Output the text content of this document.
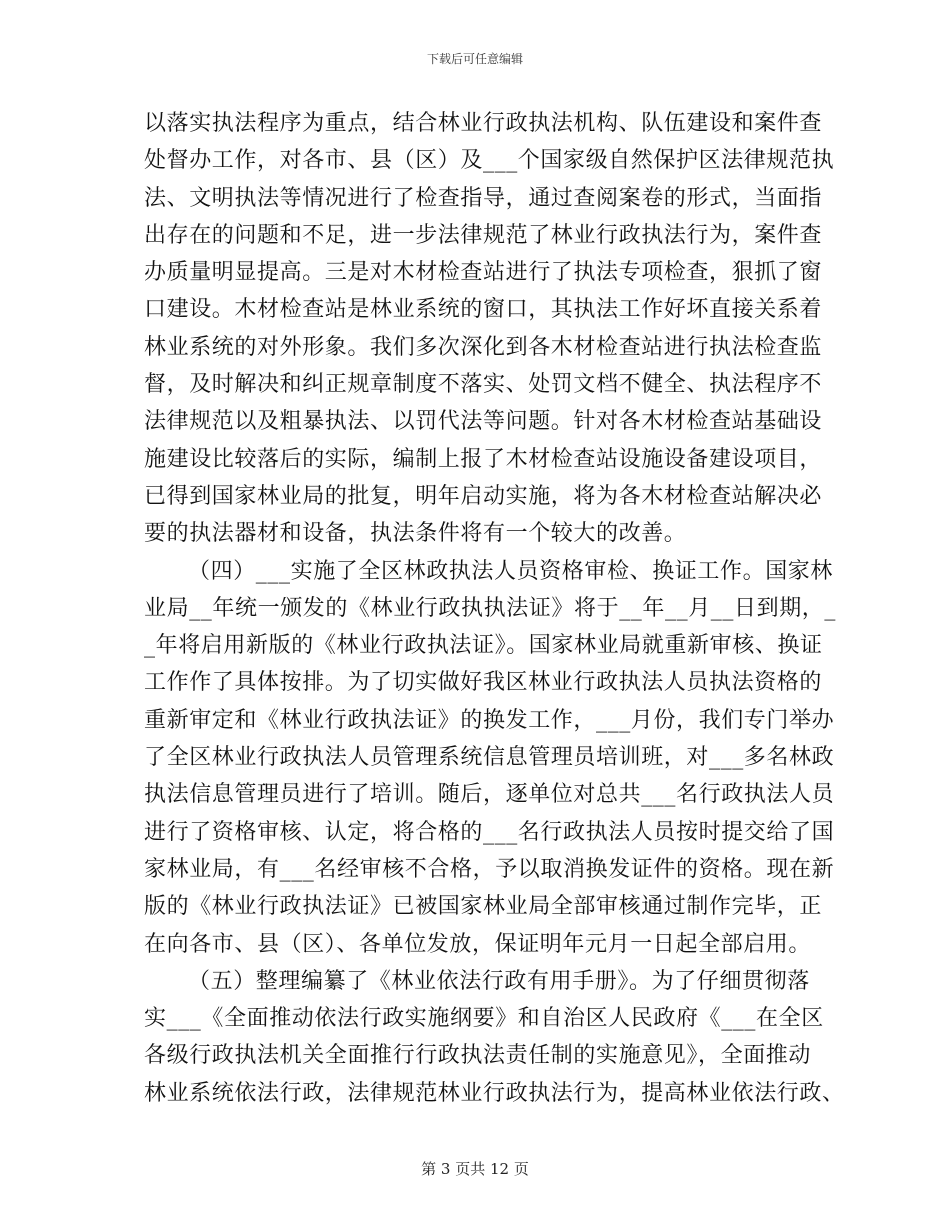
下载后可任意编辑
以落实执法程序为重点，结合林业行政执法机构、队伍建设和案件查
处督办工作，对各市、县（区）及___个国家级自然保护区法律规范执
法、文明执法等情况进行了检查指导，通过查阅案卷的形式，当面指
出存在的问题和不足，进一步法律规范了林业行政执法行为，案件查
办质量明显提高。三是对木材检查站进行了执法专项检查，狠抓了窗
口建设。木材检查站是林业系统的窗口，其执法工作好坏直接关系着
林业系统的对外形象。我们多次深化到各木材检查站进行执法检查监
督，及时解决和纠正规章制度不落实、处罚文档不健全、执法程序不
法律规范以及粗暴执法、以罚代法等问题。针对各木材检查站基础设
施建设比较落后的实际，编制上报了木材检查站设施设备建设项目，
已得到国家林业局的批复，明年启动实施，将为各木材检查站解决必
要的执法器材和设备，执法条件将有一个较大的改善。
（四）___实施了全区林政执法人员资格审检、换证工作。国家林
业局__年统一颁发的《林业行政执执法证》将于__年__月__日到期，_
_年将启用新版的《林业行政执法证》。国家林业局就重新审核、换证
工作作了具体按排。为了切实做好我区林业行政执法人员执法资格的
重新审定和《林业行政执法证》的换发工作，___月份，我们专门举办
了全区林业行政执法人员管理系统信息管理员培训班，对___多名林政
执法信息管理员进行了培训。随后，逐单位对总共___名行政执法人员
进行了资格审核、认定，将合格的___名行政执法人员按时提交给了国
家林业局，有___名经审核不合格，予以取消换发证件的资格。现在新
版的《林业行政执法证》已被国家林业局全部审核通过制作完毕，正
在向各市、县（区）、各单位发放，保证明年元月一日起全部启用。
（五）整理编纂了《林业依法行政有用手册》。为了仔细贯彻落
实___《全面推动依法行政实施纲要》和自治区人民政府《___在全区
各级行政执法机关全面推行行政执法责任制的实施意见》，全面推动
林业系统依法行政，法律规范林业行政执法行为，提高林业依法行政、
第 3 页共 12 页
